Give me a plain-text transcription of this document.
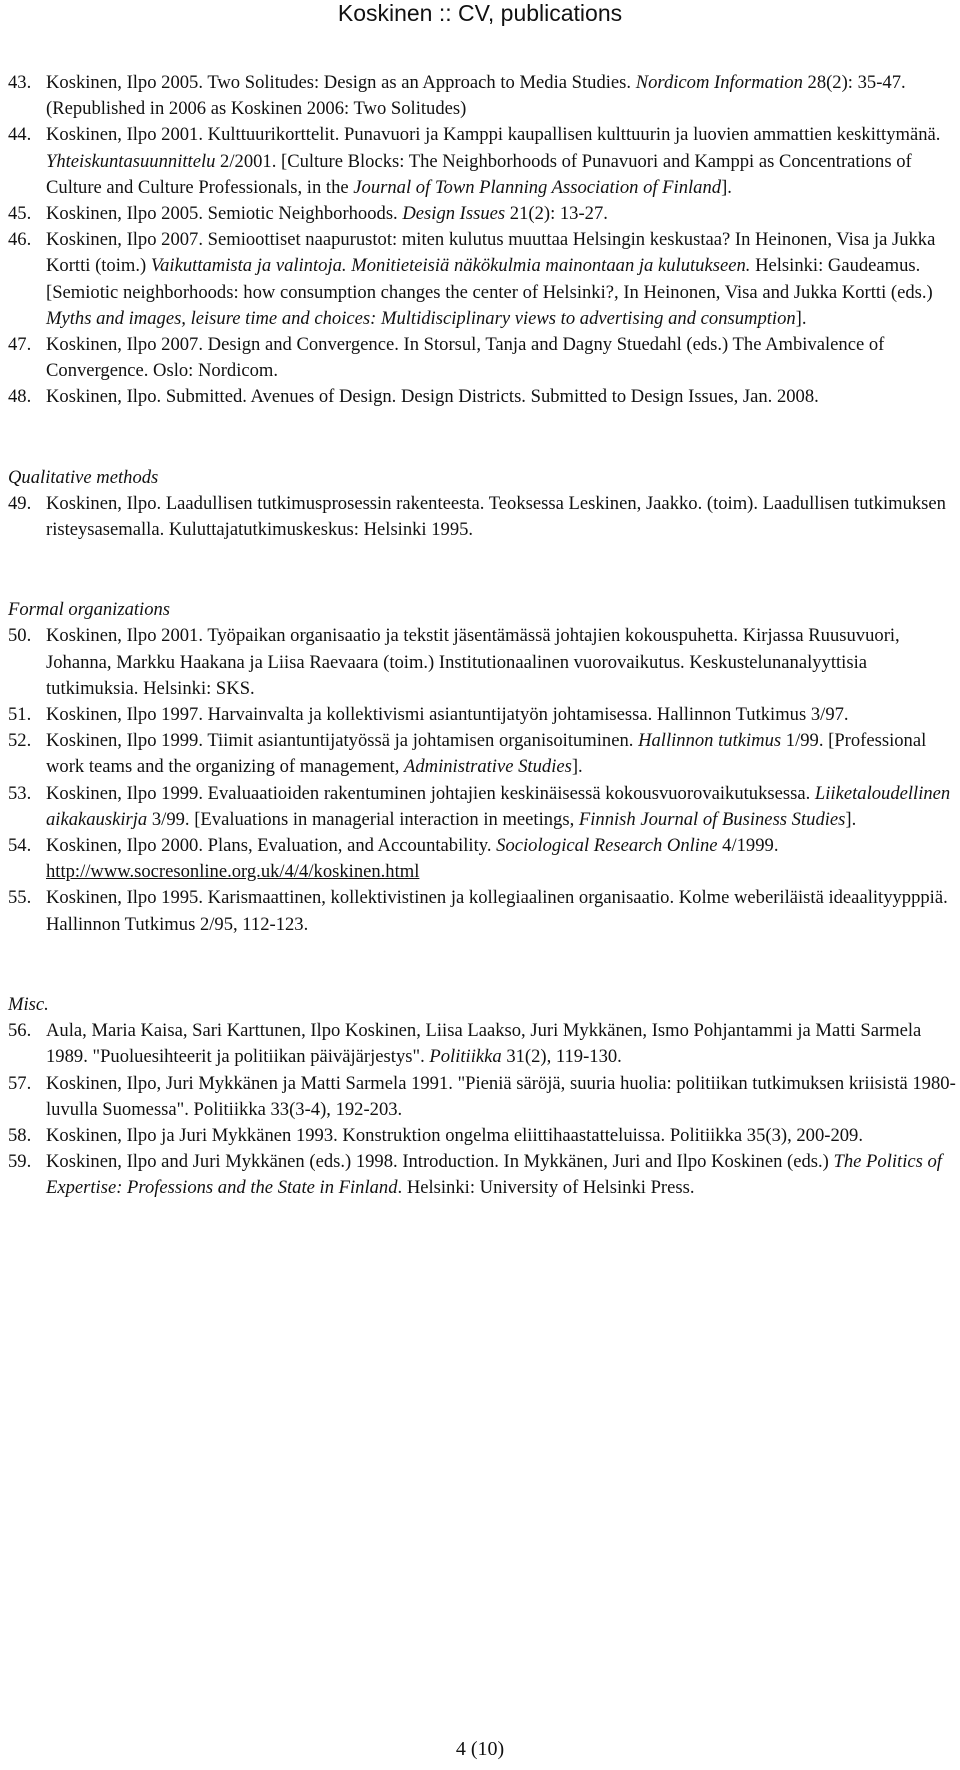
Koskinen :: CV, publications
43. Koskinen, Ilpo 2005. Two Solitudes: Design as an Approach to Media Studies. Nordicom Information 28(2): 35-47. (Republished in 2006 as Koskinen 2006: Two Solitudes)
44. Koskinen, Ilpo 2001. Kulttuurikorttelit. Punavuori ja Kamppi kaupallisen kulttuurin ja luovien ammattien keskittymänä. Yhteiskuntasuunnittelu 2/2001. [Culture Blocks: The Neighborhoods of Punavuori and Kamppi as Concentrations of Culture and Culture Professionals, in the Journal of Town Planning Association of Finland].
45. Koskinen, Ilpo 2005. Semiotic Neighborhoods. Design Issues 21(2): 13-27.
46. Koskinen, Ilpo 2007. Semioottiset naapurustot: miten kulutus muuttaa Helsingin keskustaa? In Heinonen, Visa ja Jukka Kortti (toim.) Vaikuttamista ja valintoja. Monitieteisiä näkökulmia mainontaan ja kulutukseen. Helsinki: Gaudeamus. [Semiotic neighborhoods: how consumption changes the center of Helsinki?, In Heinonen, Visa and Jukka Kortti (eds.) Myths and images, leisure time and choices: Multidisciplinary views to advertising and consumption].
47. Koskinen, Ilpo 2007. Design and Convergence. In Storsul, Tanja and Dagny Stuedahl (eds.) The Ambivalence of Convergence. Oslo: Nordicom.
48. Koskinen, Ilpo. Submitted. Avenues of Design. Design Districts. Submitted to Design Issues, Jan. 2008.
Qualitative methods
49. Koskinen, Ilpo. Laadullisen tutkimusprosessin rakenteesta. Teoksessa Leskinen, Jaakko. (toim). Laadullisen tutkimuksen risteysasemalla. Kuluttajatutkimuskeskus: Helsinki 1995.
Formal organizations
50. Koskinen, Ilpo 2001. Työpaikan organisaatio ja tekstit jäsentämässä johtajien kokouspuhetta. Kirjassa Ruusuvuori, Johanna, Markku Haakana ja Liisa Raevaara (toim.) Institutionaalinen vuorovaikutus. Keskustelunanalyyttisia tutkimuksia. Helsinki: SKS.
51. Koskinen, Ilpo 1997. Harvainvalta ja kollektivismi asiantuntijatyön johtamisessa. Hallinnon Tutkimus 3/97.
52. Koskinen, Ilpo 1999. Tiimit asiantuntijatyössä ja johtamisen organisoituminen. Hallinnon tutkimus 1/99. [Professional work teams and the organizing of management, Administrative Studies].
53. Koskinen, Ilpo 1999. Evaluaatioiden rakentuminen johtajien keskinäisessä kokousvuorovaikutuksessa. Liiketaloudellinen aikakauskirja 3/99. [Evaluations in managerial interaction in meetings, Finnish Journal of Business Studies].
54. Koskinen, Ilpo 2000. Plans, Evaluation, and Accountability. Sociological Research Online 4/1999. http://www.socresonline.org.uk/4/4/koskinen.html
55. Koskinen, Ilpo 1995. Karismaattinen, kollektivistinen ja kollegiaalinen organisaatio. Kolme weberiläistä ideaalityypppiä. Hallinnon Tutkimus 2/95, 112-123.
Misc.
56. Aula, Maria Kaisa, Sari Karttunen, Ilpo Koskinen, Liisa Laakso, Juri Mykkänen, Ismo Pohjantammi ja Matti Sarmela 1989. "Puoluesihteerit ja politiikan päiväjärjestys". Politiikka 31(2), 119-130.
57. Koskinen, Ilpo, Juri Mykkänen ja Matti Sarmela 1991. "Pieniä säröjä, suuria huolia: politiikan tutkimuksen kriisistä 1980-luvulla Suomessa". Politiikka 33(3-4), 192-203.
58. Koskinen, Ilpo ja Juri Mykkänen 1993. Konstruktion ongelma eliittihaastatteluissa. Politiikka 35(3), 200-209.
59. Koskinen, Ilpo and Juri Mykkänen (eds.) 1998. Introduction. In Mykkänen, Juri and Ilpo Koskinen (eds.) The Politics of Expertise: Professions and the State in Finland. Helsinki: University of Helsinki Press.
4 (10)
